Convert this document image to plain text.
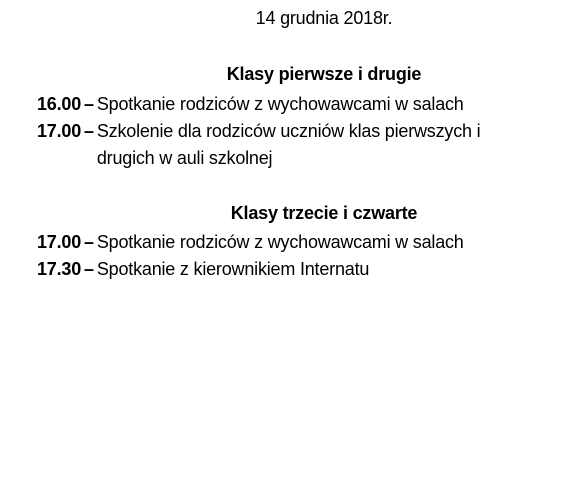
14 grudnia 2018r.
Klasy pierwsze i drugie
16.00 – Spotkanie rodziców z wychowawcami w salach
17.00 – Szkolenie dla rodziców uczniów klas pierwszych i drugich w auli szkolnej
Klasy trzecie i czwarte
17.00 – Spotkanie rodziców z wychowawcami w salach
17.30 – Spotkanie z kierownikiem Internatu
